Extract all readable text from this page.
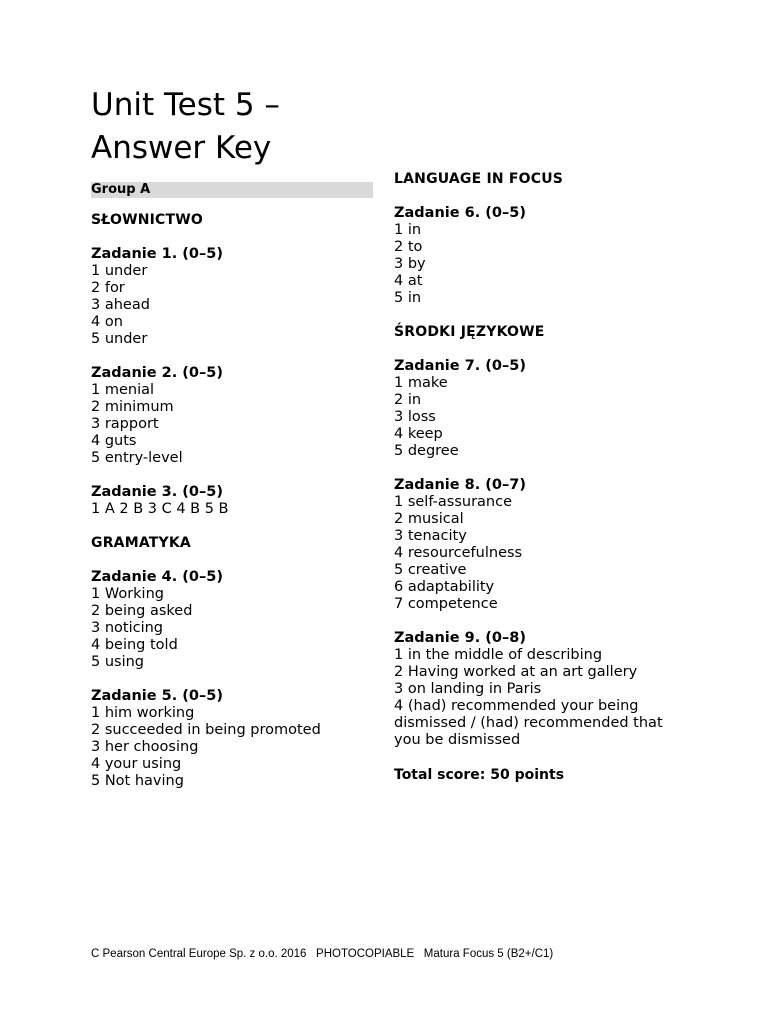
Unit Test 5 – Answer Key
Group A
SŁOWNICTWO
Zadanie 1. (0–5)
1 under
2 for
3 ahead
4 on
5 under
Zadanie 2. (0–5)
1 menial
2 minimum
3 rapport
4 guts
5 entry-level
Zadanie 3. (0–5)
1 A 2 B 3 C 4 B 5 B
GRAMATYKA
Zadanie 4. (0–5)
1 Working
2 being asked
3 noticing
4 being told
5 using
Zadanie 5. (0–5)
1 him working
2 succeeded in being promoted
3 her choosing
4 your using
5 Not having
LANGUAGE IN FOCUS
Zadanie 6. (0–5)
1 in
2 to
3 by
4 at
5 in
ŚRODKI JĘZYKOWE
Zadanie 7. (0–5)
1 make
2 in
3 loss
4 keep
5 degree
Zadanie 8. (0–7)
1 self-assurance
2 musical
3 tenacity
4 resourcefulness
5 creative
6 adaptability
7 competence
Zadanie 9. (0–8)
1 in the middle of describing
2 Having worked at an art gallery
3 on landing in Paris
4 (had) recommended your being dismissed / (had) recommended that you be dismissed
Total score: 50 points
C Pearson Central Europe Sp. z o.o. 2016   PHOTOCOPIABLE   Matura Focus 5 (B2+/C1)
